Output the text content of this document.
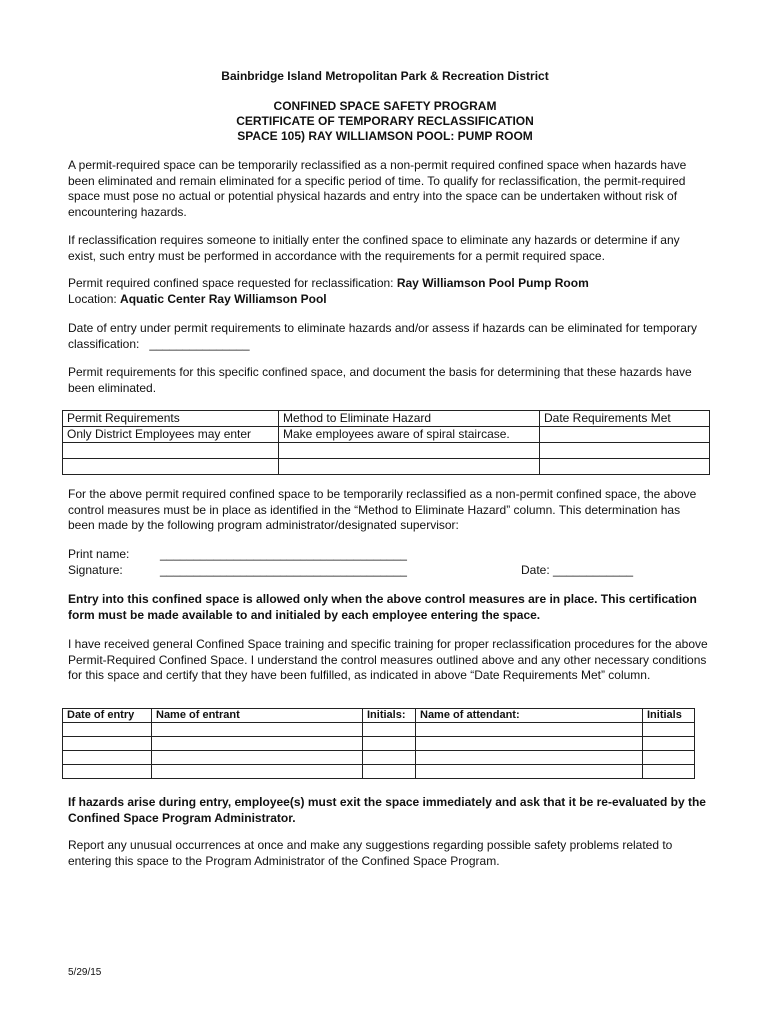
Bainbridge Island Metropolitan Park & Recreation District
CONFINED SPACE SAFETY PROGRAM
CERTIFICATE OF TEMPORARY RECLASSIFICATION
SPACE 105) RAY WILLIAMSON POOL: PUMP ROOM
A permit-required space can be temporarily reclassified as a non-permit required confined space when hazards have been eliminated and remain eliminated for a specific period of time. To qualify for reclassification, the permit-required space must pose no actual or potential physical hazards and entry into the space can be undertaken without risk of encountering hazards.
If reclassification requires someone to initially enter the confined space to eliminate any hazards or determine if any exist, such entry must be performed in accordance with the requirements for a permit required space.
Permit required confined space requested for reclassification: Ray Williamson Pool Pump Room
Location: Aquatic Center Ray Williamson Pool
Date of entry under permit requirements to eliminate hazards and/or assess if hazards can be eliminated for temporary classification: _______________
Permit requirements for this specific confined space, and document the basis for determining that these hazards have been eliminated.
Permit Requirements	Method to Eliminate Hazard	Date Requirements Met
Only District Employees may enter	Make employees aware of spiral staircase.	

For the above permit required confined space to be temporarily reclassified as a non-permit confined space, the above control measures must be in place as identified in the “Method to Eliminate Hazard” column. This determination has been made by the following program administrator/designated supervisor:
Print name:	_____________________________________
Signature:	_____________________________________	Date: ____________
Entry into this confined space is allowed only when the above control measures are in place. This certification form must be made available to and initialed by each employee entering the space.
I have received general Confined Space training and specific training for proper reclassification procedures for the above Permit-Required Confined Space. I understand the control measures outlined above and any other necessary conditions for this space and certify that they have been fulfilled, as indicated in above “Date Requirements Met” column.
Date of entry	Name of entrant	Initials:	Name of attendant:	Initials

If hazards arise during entry, employee(s) must exit the space immediately and ask that it be re-evaluated by the Confined Space Program Administrator.
Report any unusual occurrences at once and make any suggestions regarding possible safety problems related to entering this space to the Program Administrator of the Confined Space Program.
5/29/15
